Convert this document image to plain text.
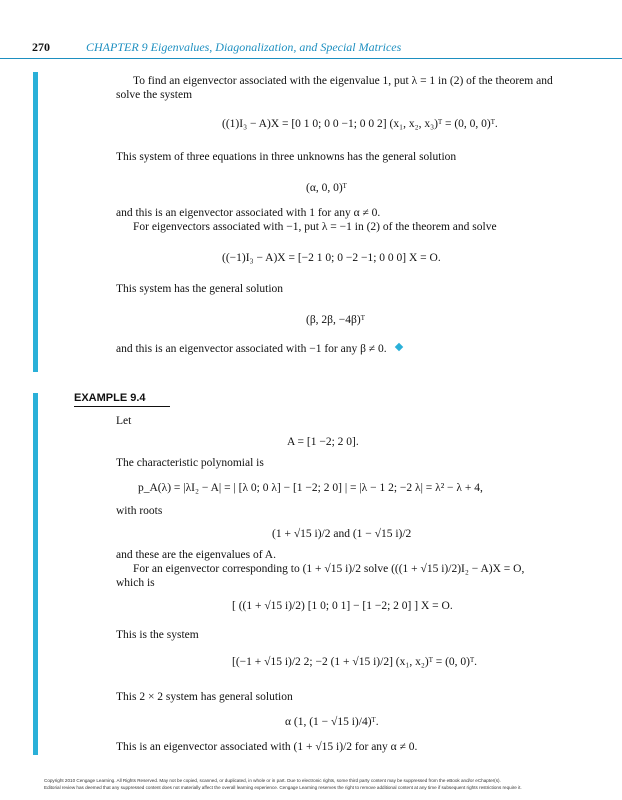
270	CHAPTER 9 Eigenvalues, Diagonalization, and Special Matrices
To find an eigenvector associated with the eigenvalue 1, put λ = 1 in (2) of the theorem and
solve the system
((1)I₃ − A)X = [0 1 0; 0 0 −1; 0 0 2] (x₁, x₂, x₃)ᵀ = (0, 0, 0)ᵀ.
This system of three equations in three unknowns has the general solution
(α, 0, 0)ᵀ
and this is an eigenvector associated with 1 for any α ≠ 0.
For eigenvectors associated with −1, put λ = −1 in (2) of the theorem and solve
((−1)I₃ − A)X = [−2 1 0; 0 −2 −1; 0 0 0] X = O.
This system has the general solution
(β, 2β, −4β)ᵀ
and this is an eigenvector associated with −1 for any β ≠ 0.
EXAMPLE 9.4
Let
A = [1 −2; 2 0].
The characteristic polynomial is
p_A(λ) = |λI₂ − A| = | [λ 0; 0 λ] − [1 −2; 2 0] | = |λ − 1 2; −2 λ| = λ² − λ + 4,
with roots
(1 + √15 i)/2 and (1 − √15 i)/2
and these are the eigenvalues of A.
For an eigenvector corresponding to (1 + √15 i)/2 solve (((1 + √15 i)/2)I₂ − A)X = O,
which is
[ ((1 + √15 i)/2) [1 0; 0 1] − [1 −2; 2 0] ] X = O.
This is the system
[(−1 + √15 i)/2 2; −2 (1 + √15 i)/2] (x₁, x₂)ᵀ = (0, 0)ᵀ.
This 2 × 2 system has general solution
α (1, (1 − √15 i)/4)ᵀ.
This is an eigenvector associated with (1 + √15 i)/2 for any α ≠ 0.
Copyright 2010 Cengage Learning. All Rights Reserved. May not be copied, scanned, or duplicated, in whole or in part. Due to electronic rights, some third party content may be suppressed from the eBook and/or eChapter(s).
Editorial review has deemed that any suppressed content does not materially affect the overall learning experience. Cengage Learning reserves the right to remove additional content at any time if subsequent rights restrictions require it.
